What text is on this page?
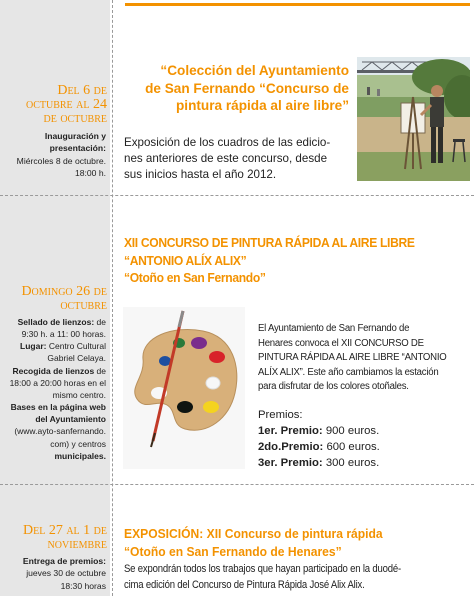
Del 6 de
octubre al 24
de octubre
Inauguración y
presentación:
Miércoles 8 de octubre.
18:00 h.
“Colección del Ayuntamiento
de San Fernando “Concurso de
pintura rápida al aire libre”
Exposición de los cuadros de las edicio-
nes anteriores de este concurso, desde
sus inicios hasta el año 2012.
Domingo 26 de
octubre
Sellado de lienzos: de
9:30 h. a 11: 00 horas.
Lugar: Centro Cultural
Gabriel Celaya.
Recogida de lienzos de
18:00 a 20:00 horas en el
mismo centro.
Bases en la página web
del Ayuntamiento
(www.ayto-sanfernando.
com) y centros
municipales.
XII CONCURSO DE PINTURA RÁPIDA AL AIRE LIBRE
“ANTONIO ALÍX ALIX”
“Otoño en San Fernando”
El Ayuntamiento de San Fernando de
Henares convoca el XII CONCURSO DE
PINTURA RÁPIDA AL AIRE LIBRE “ANTONIO
ALÍX ALIX”. Este año cambiamos la estación
para disfrutar de los colores otoñales.
Premios:
1er. Premio: 900 euros.
2do.Premio: 600 euros.
3er. Premio: 300 euros.
Del 27 al 1 de
noviembre
Entrega de premios:
jueves 30 de octubre
18:30 horas
EXPOSICIÓN: XII Concurso de pintura rápida
“Otoño en San Fernando de Henares”
Se expondrán todos los trabajos que hayan participado en la duodé-
cima edición del Concurso de Pintura Rápida José Alix Alix.
